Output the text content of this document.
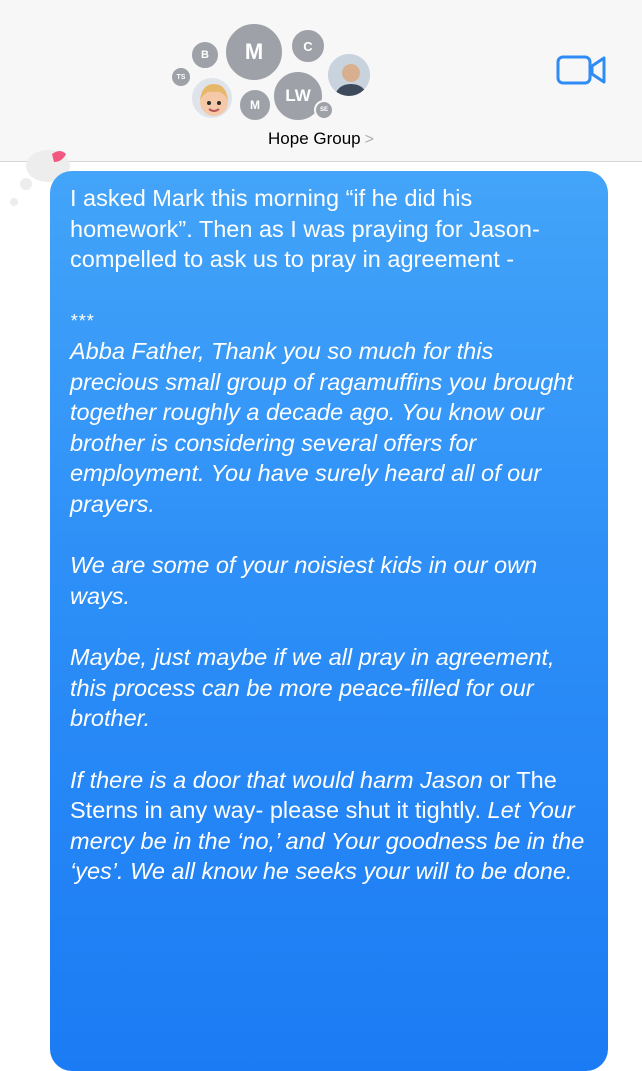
B M	C
TS
M LW
SE
Hope Group >

I asked Mark this morning “if he did his homework”. Then as I was praying for Jason- compelled to ask us to pray in agreement -

***

Abba Father, Thank you so much for this precious small group of ragamuffins you brought together roughly a decade ago. You know our brother is considering several offers for employment. You have surely heard all of our prayers.

We are some of your noisiest kids in our own ways.

Maybe, just maybe if we all pray in agreement, this process can be more peace-filled for our brother.

If there is a door that would harm Jason or The Sterns in any way- please shut it tightly. Let Your mercy be in the ‘no,’ and Your goodness be in the ‘yes’. We all know he seeks your will to be done.
